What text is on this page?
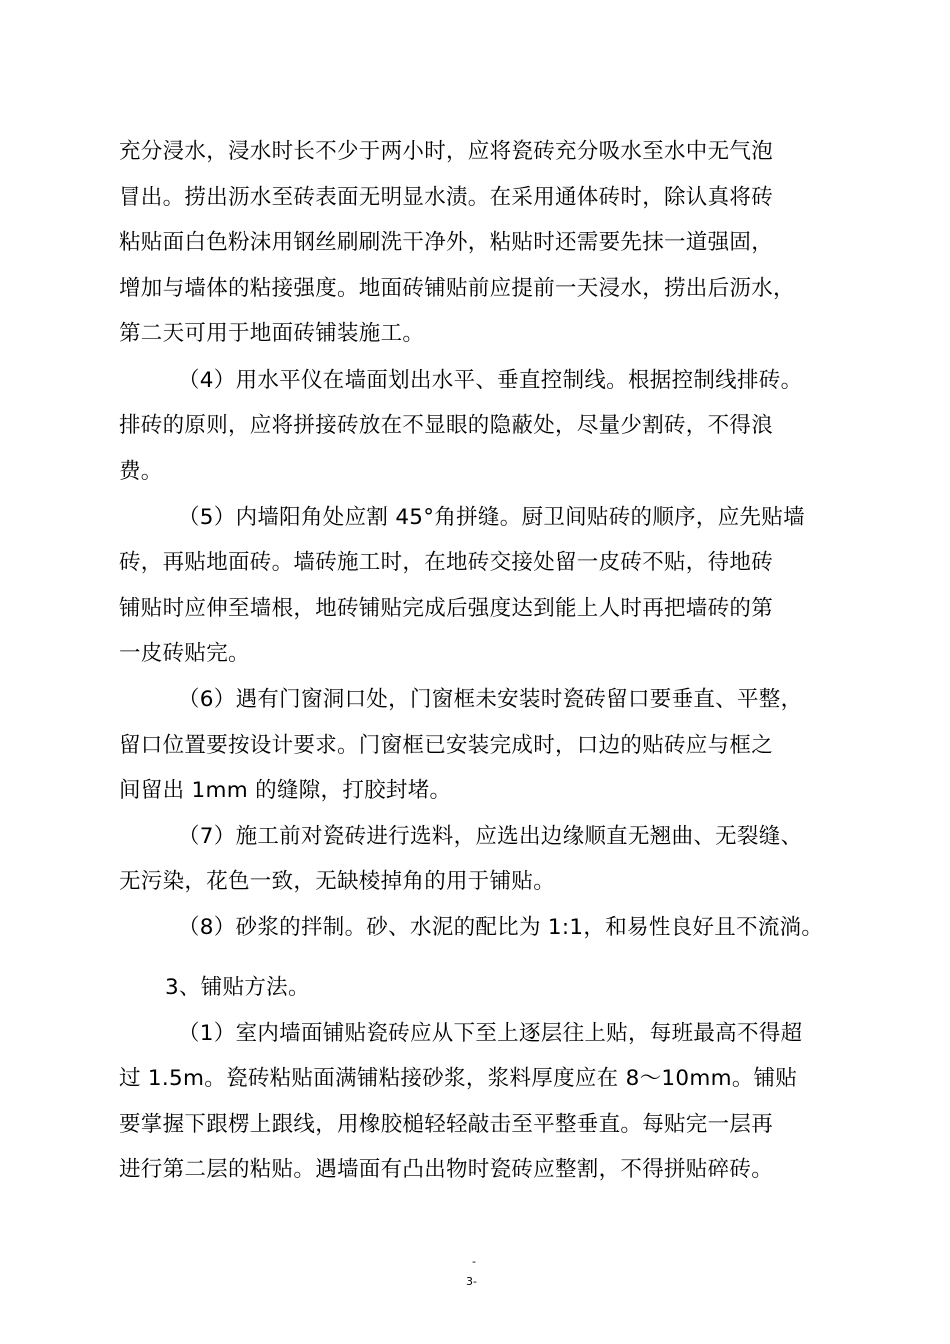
充分浸水，浸水时长不少于两小时，应将瓷砖充分吸水至水中无气泡
冒出。捞出沥水至砖表面无明显水渍。在采用通体砖时，除认真将砖
粘贴面白色粉沫用钢丝刷刷洗干净外，粘贴时还需要先抹一道强固，
增加与墙体的粘接强度。地面砖铺贴前应提前一天浸水，捞出后沥水，
第二天可用于地面砖铺装施工。
（4）用水平仪在墙面划出水平、垂直控制线。根据控制线排砖。
排砖的原则，应将拼接砖放在不显眼的隐蔽处，尽量少割砖，不得浪
费。
（5）内墙阳角处应割 45°角拼缝。厨卫间贴砖的顺序，应先贴墙
砖，再贴地面砖。墙砖施工时，在地砖交接处留一皮砖不贴，待地砖
铺贴时应伸至墙根，地砖铺贴完成后强度达到能上人时再把墙砖的第
一皮砖贴完。
（6）遇有门窗洞口处，门窗框未安装时瓷砖留口要垂直、平整，
留口位置要按设计要求。门窗框已安装完成时，口边的贴砖应与框之
间留出 1mm 的缝隙，打胶封堵。
（7）施工前对瓷砖进行选料，应选出边缘顺直无翘曲、无裂缝、
无污染，花色一致，无缺棱掉角的用于铺贴。
（8）砂浆的拌制。砂、水泥的配比为 1:1，和易性良好且不流淌。
3、铺贴方法。
（1）室内墙面铺贴瓷砖应从下至上逐层往上贴，每班最高不得超
过 1.5m。瓷砖粘贴面满铺粘接砂浆，浆料厚度应在 8～10mm。铺贴
要掌握下跟楞上跟线，用橡胶槌轻轻敲击至平整垂直。每贴完一层再
进行第二层的粘贴。遇墙面有凸出物时瓷砖应整割，不得拼贴碎砖。
-
3-
